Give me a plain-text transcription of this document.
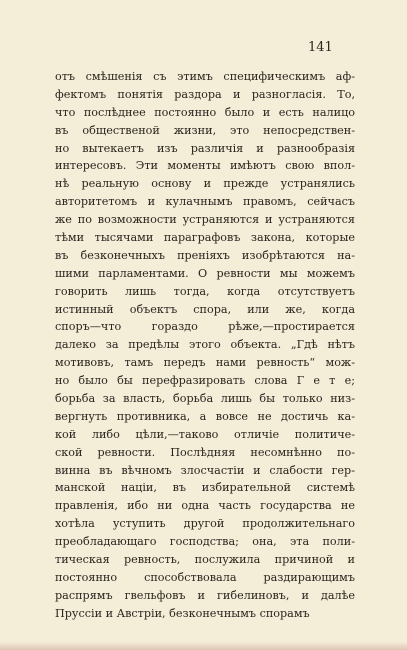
141
отъ смѣшенія съ этимъ специфическимъ аф-
фектомъ понятія раздора и разногласія. То,
что послѣднее постоянно было и есть налицо
въ общественой жизни, это непосредствен-
но вытекаетъ изъ различія и разнообразія
интересовъ. Эти моменты имѣютъ свою впол-
нѣ реальную основу и прежде устранялись
авторитетомъ и кулачнымъ правомъ, сейчасъ
же по возможности устраняются и устраняются
тѣми тысячами параграфовъ закона, которые
въ безконечныхъ преніяхъ изобрѣтаются на-
шими парламентами. О ревности мы можемъ
говорить лишь тогда, когда отсутствуетъ
истинный объектъ спора, или же, когда
споръ—что гораздо рѣже,—простирается
далеко за предѣлы этого объекта. „Гдѣ нѣтъ
мотивовъ, тамъ передъ нами ревность“ мож-
но было бы перефразировать слова Г е т е;
борьба за власть, борьба лишь бы только низ-
вергнуть противника, а вовсе не достичь ка-
кой либо цѣли,—таково отличіе политиче-
ской ревности. Послѣдняя несомнѣнно по-
винна въ вѣчномъ злосчастіи и слабости гер-
манской націи, въ избирательной системѣ
правленія, ибо ни одна часть государства не
хотѣла уступить другой продолжительнаго
преобладающаго господства; она, эта поли-
тическая ревность, послужила причиной и
постоянно способствовала раздирающимъ
распрямъ гвельфовъ и гибелиновъ, и далѣе
Пруссіи и Австріи, безконечнымъ спорамъ
